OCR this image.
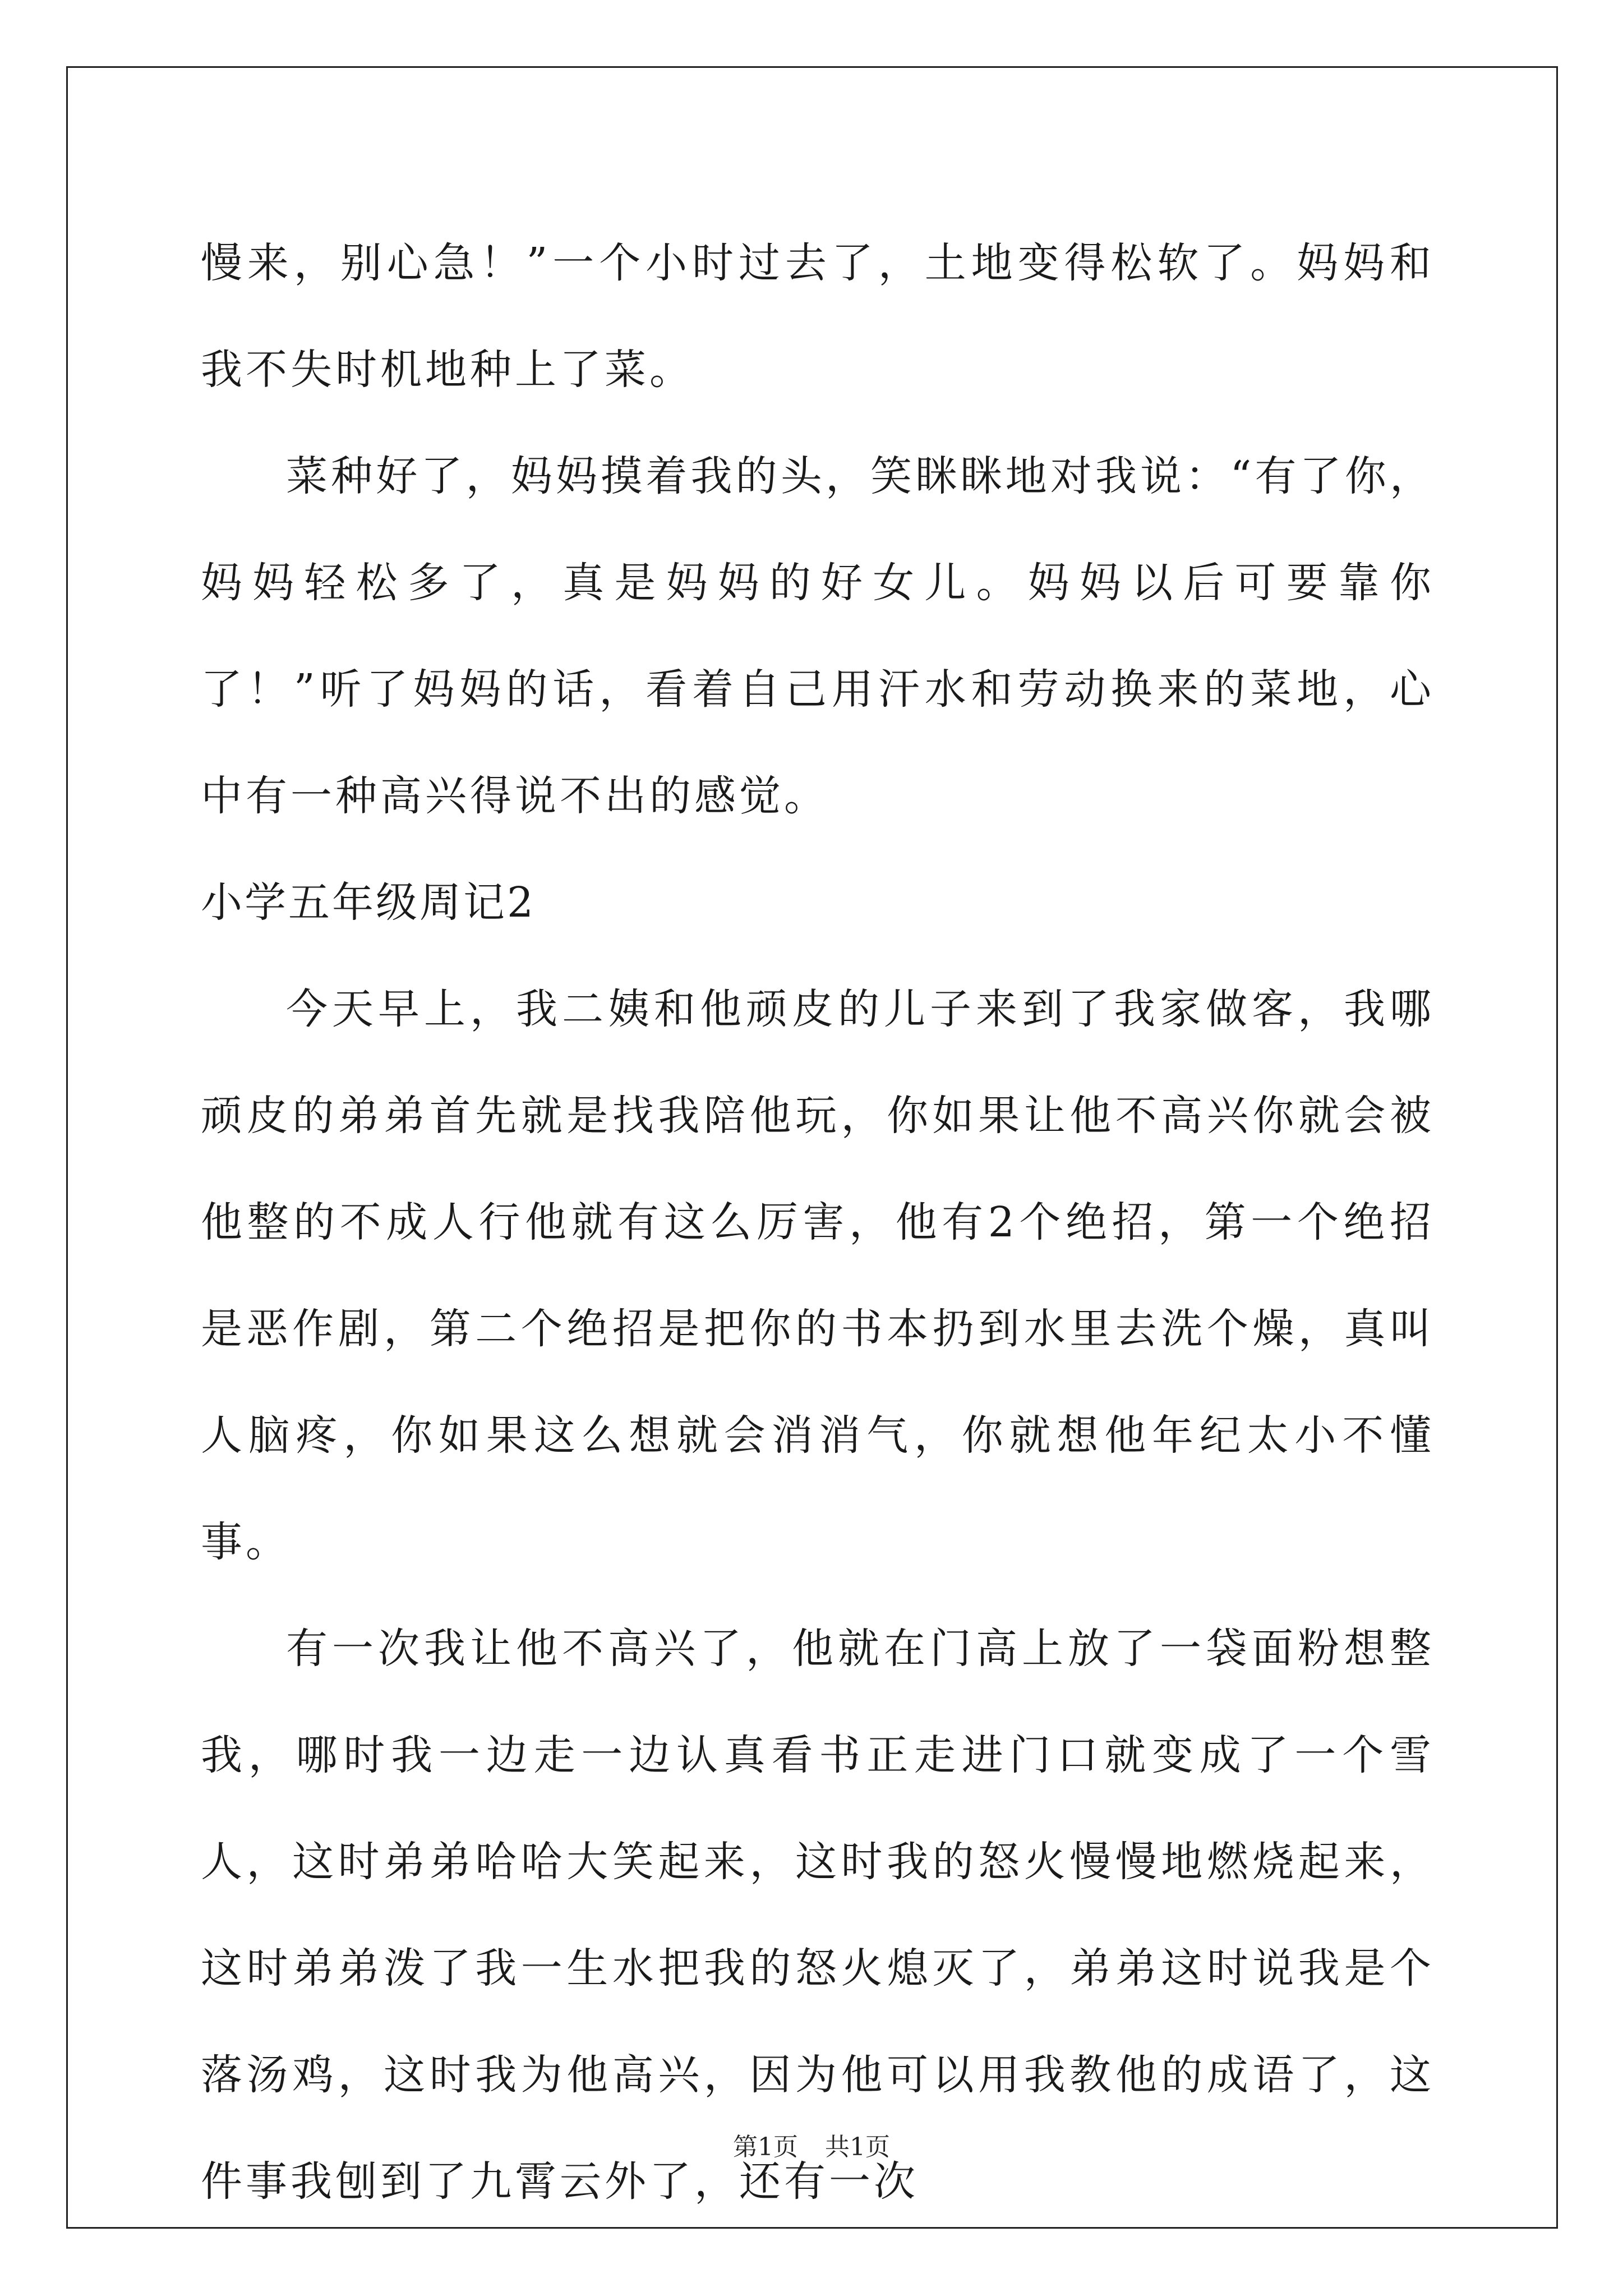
慢来，别心急！”一个小时过去了，土地变得松软了。妈妈和我不失时机地种上了菜。

菜种好了，妈妈摸着我的头，笑眯眯地对我说：“有了你，妈妈轻松多了，真是妈妈的好女儿。妈妈以后可要靠你了！”听了妈妈的话，看着自己用汗水和劳动换来的菜地，心中有一种高兴得说不出的感觉。

小学五年级周记2

今天早上，我二姨和他顽皮的儿子来到了我家做客，我哪顽皮的弟弟首先就是找我陪他玩，你如果让他不高兴你就会被他整的不成人行他就有这么厉害，他有2个绝招，第一个绝招是恶作剧，第二个绝招是把你的书本扔到水里去洗个燥，真叫人脑疼，你如果这么想就会消消气，你就想他年纪太小不懂事。

有一次我让他不高兴了，他就在门高上放了一袋面粉想整我，哪时我一边走一边认真看书正走进门口就变成了一个雪人，这时弟弟哈哈大笑起来，这时我的怒火慢慢地燃烧起来，这时弟弟泼了我一生水把我的怒火熄灭了，弟弟这时说我是个落汤鸡，这时我为他高兴，因为他可以用我教他的成语了，这件事我刨到了九霄云外了，还有一次

第1页 共1页
